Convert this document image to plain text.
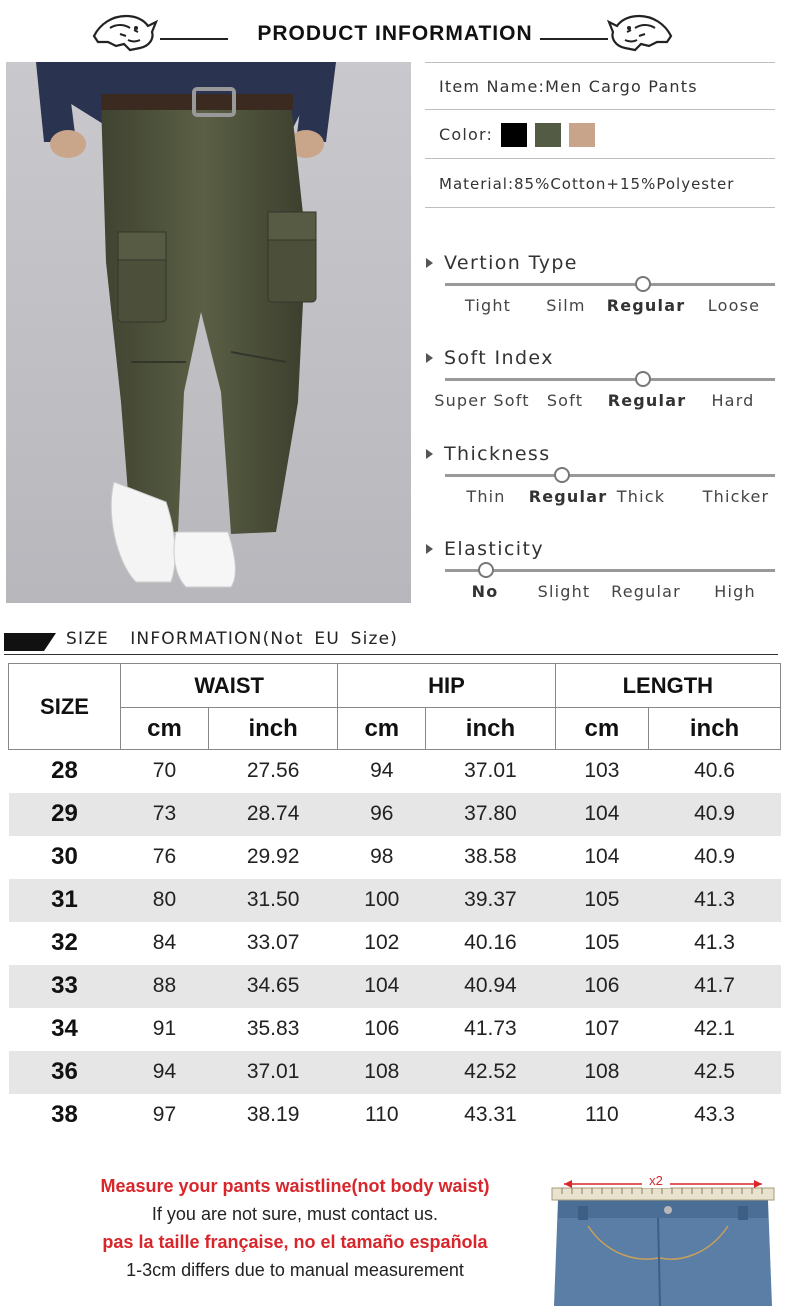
PRODUCT INFORMATION
Item Name:Men Cargo Pants
Color:
Material:85%Cotton+15%Polyester
Vertion Type
Tight Silm Regular Loose
Soft Index
Super Soft Soft Regular Hard
Thickness
Thin Regular Thick Thicker
Elasticity
No Slight Regular High
SIZE  INFORMATION(Not EU Size)
SIZE	WAIST		HIP		LENGTH	
	cm	inch	cm	inch	cm	inch
28	70	27.56	94	37.01	103	40.6
29	73	28.74	96	37.80	104	40.9
30	76	29.92	98	38.58	104	40.9
31	80	31.50	100	39.37	105	41.3
32	84	33.07	102	40.16	105	41.3
33	88	34.65	104	40.94	106	41.7
34	91	35.83	106	41.73	107	42.1
36	94	37.01	108	42.52	108	42.5
38	97	38.19	110	43.31	110	43.3
Measure your pants waistline(not body waist)
If you are not sure, must contact us.
pas la taille française, no el tamaño española
1-3cm differs due to manual measurement
x2
